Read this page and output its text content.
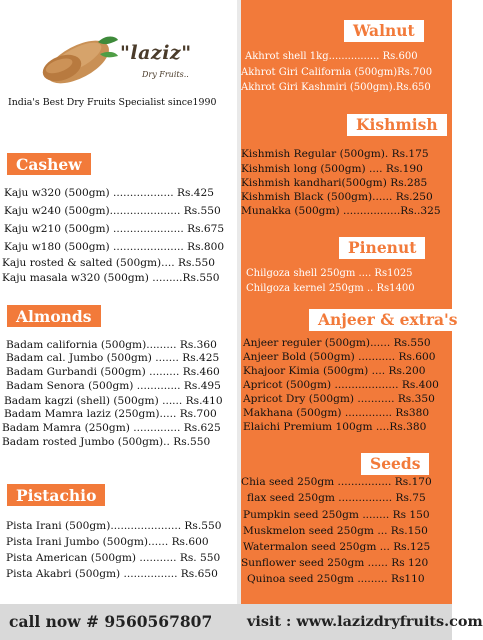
"laziz"
Dry Fruits..
India's Best Dry Fruits Specialist since1990
Cashew
Kaju w320 (500gm) .................. Rs.425
Kaju w240 (500gm)..................... Rs.550
Kaju w210 (500gm) ..................... Rs.675
Kaju w180 (500gm) ..................... Rs.800
Kaju rosted & salted (500gm).... Rs.550
Kaju masala w320 (500gm) .........Rs.550
Almonds
Badam california (500gm)......... Rs.360
Badam cal. Jumbo (500gm) ....... Rs.425
Badam Gurbandi (500gm) ......... Rs.460
Badam Senora (500gm) ............. Rs.495
Badam kagzi (shell) (500gm) ...... Rs.410
Badam Mamra laziz (250gm)..... Rs.700
Badam Mamra (250gm) .............. Rs.625
Badam rosted Jumbo (500gm).. Rs.550
Pistachio
Pista Irani (500gm)..................... Rs.550
Pista Irani Jumbo (500gm)...... Rs.600
Pista American (500gm) ........... Rs. 550
Pista Akabri (500gm) ................ Rs.650
Walnut
Akhrot shell 1kg................ Rs.600
Akhrot Giri California (500gm)Rs.700
Akhrot Giri Kashmiri (500gm).Rs.650
Kishmish
Kishmish Regular (500gm). Rs.175
Kishmish long (500gm) .... Rs.190
Kishmish kandhari(500gm) Rs.285
Kishmish Black (500gm)...... Rs.250
Munakka (500gm) .................Rs..325
Pinenut
Chilgoza shell 250gm .... Rs1025
Chilgoza kernel 250gm .. Rs1400
Anjeer & extra's
Anjeer reguler (500gm)...... Rs.550
Anjeer Bold (500gm) ........... Rs.600
Khajoor Kimia (500gm) .... Rs.200
Apricot (500gm) ................... Rs.400
Apricot Dry (500gm) ........... Rs.350
Makhana (500gm) .............. Rs380
Elaichi Premium 100gm ....Rs.380
Seeds
Chia seed 250gm ................ Rs.170
flax seed 250gm ................ Rs.75
Pumpkin seed 250gm ........ Rs 150
Muskmelon seed 250gm ... Rs.150
Watermalon seed 250gm ... Rs.125
Sunflower seed 250gm ...... Rs 120
Quinoa seed 250gm ......... Rs110
call now # 9560567807 visit : www.lazizdryfruits.com
